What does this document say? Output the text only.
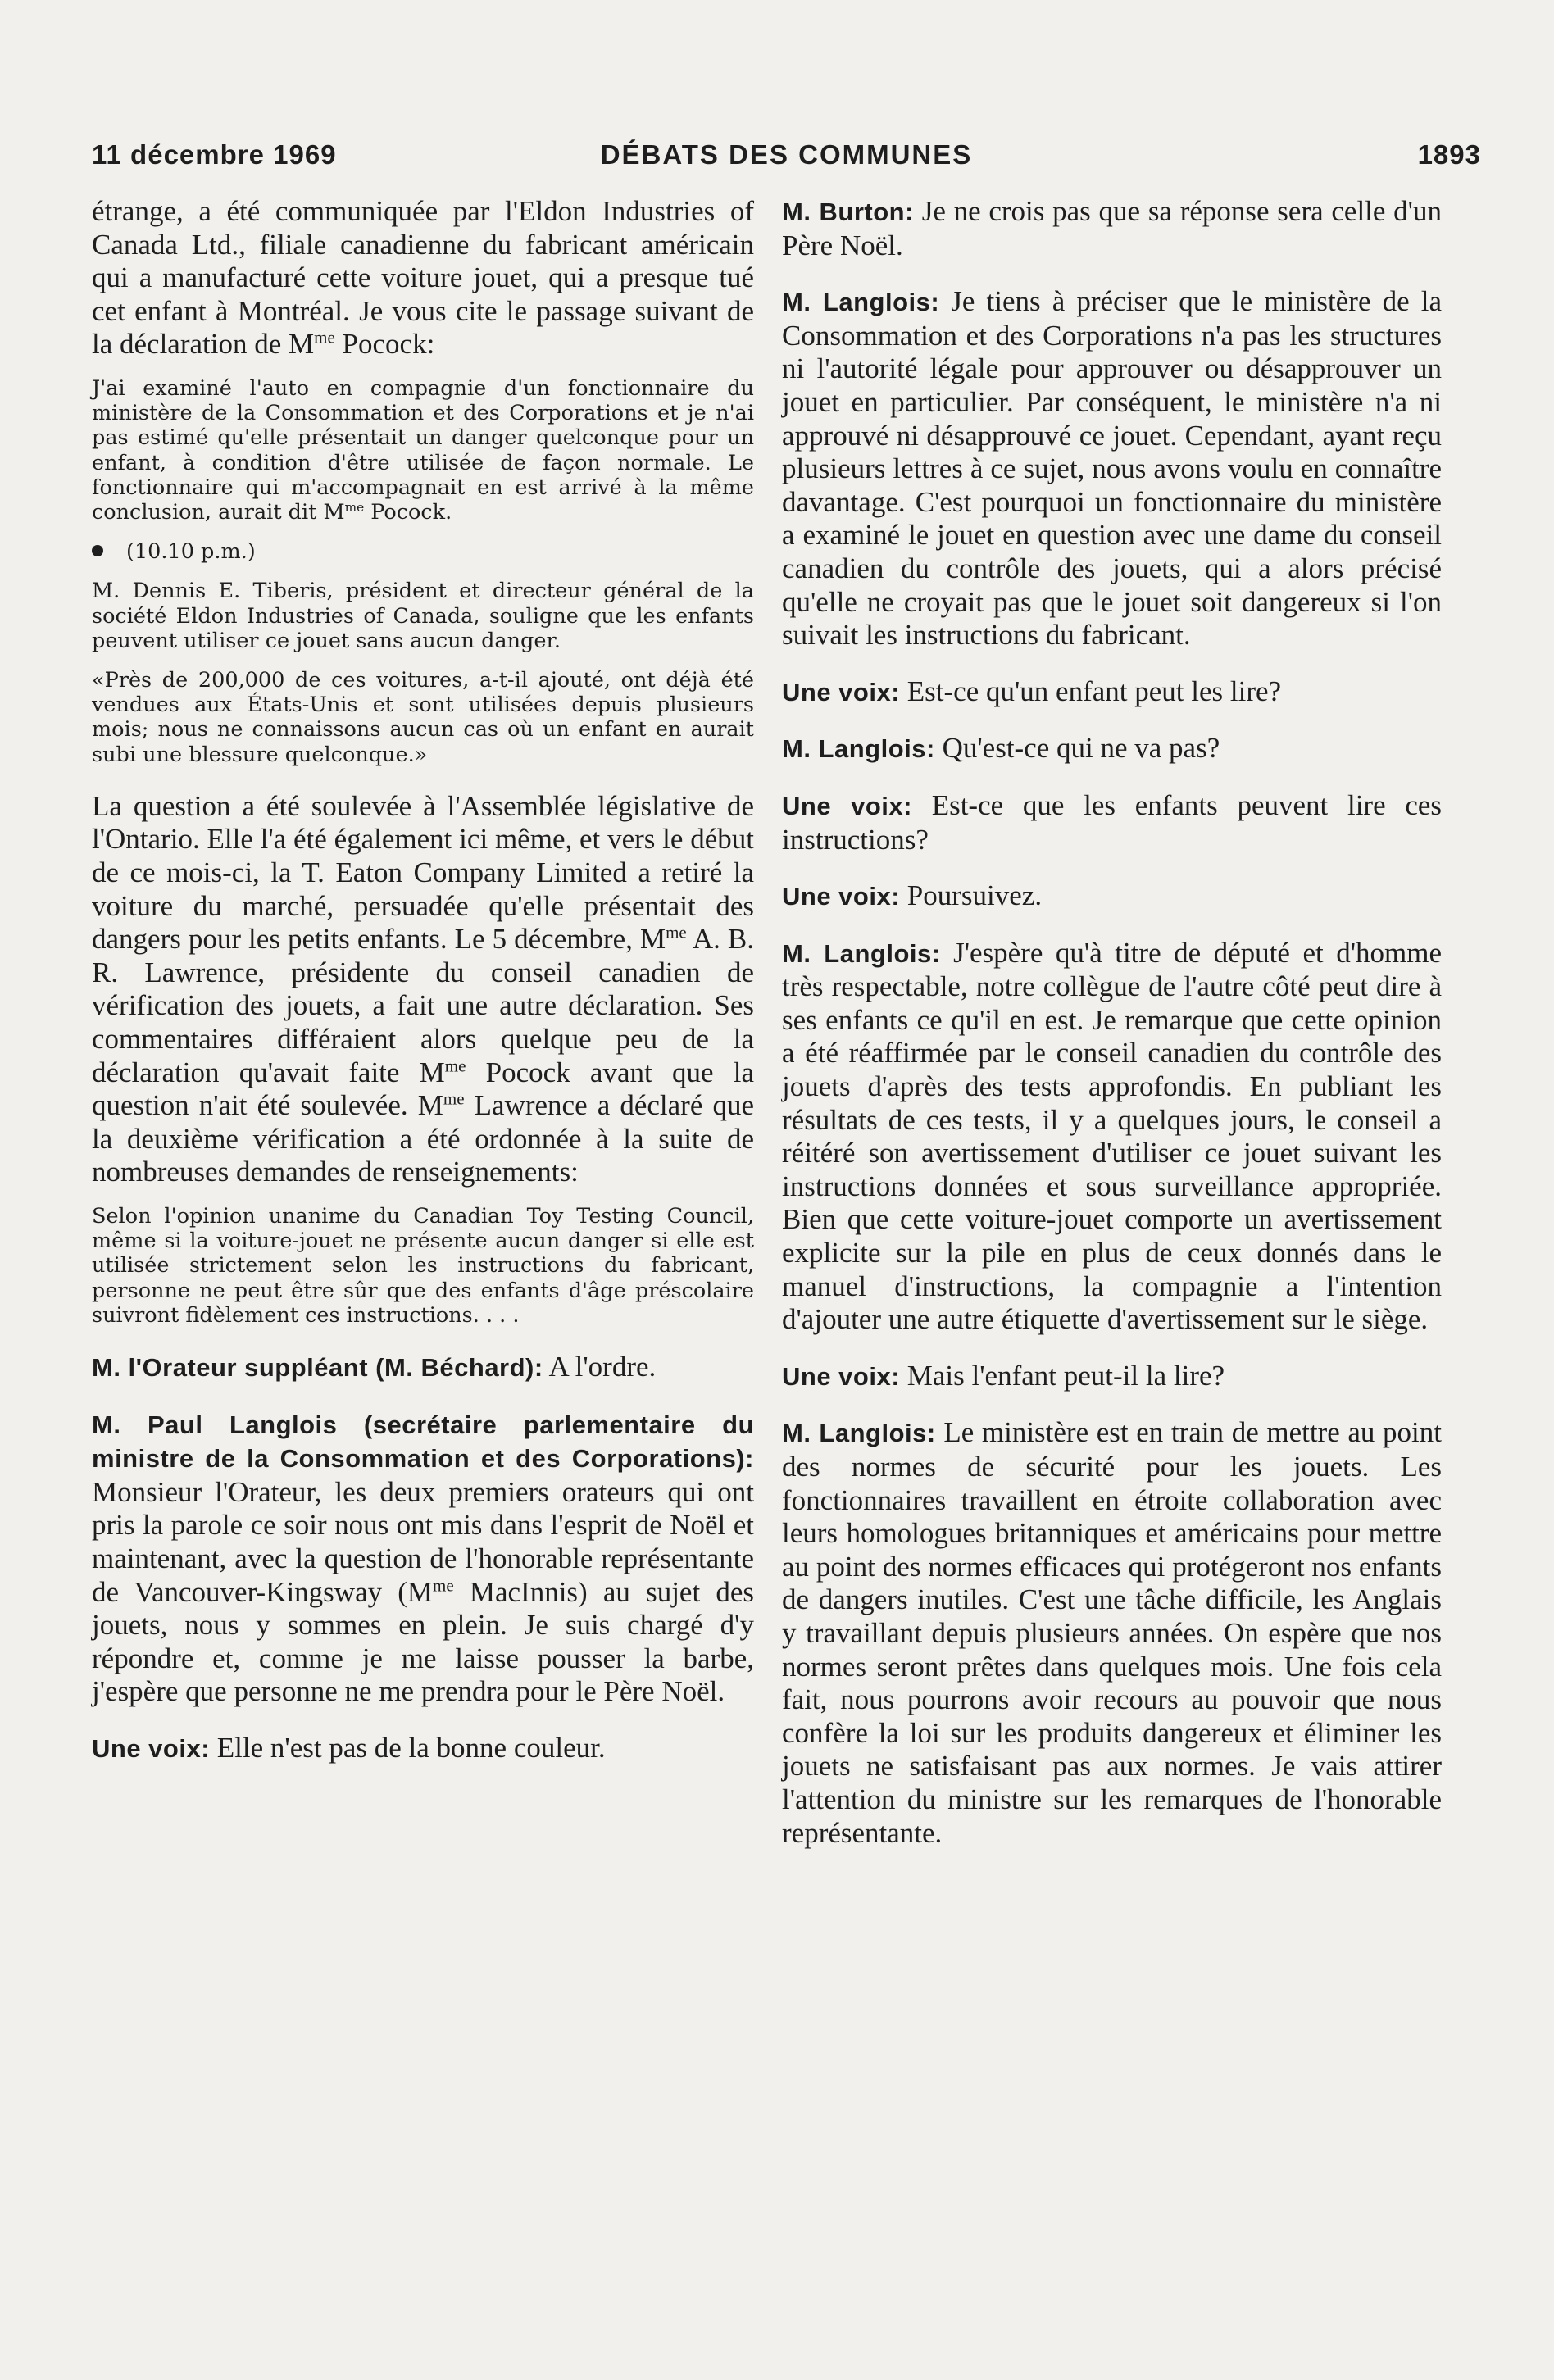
11 décembre 1969	DÉBATS DES COMMUNES	1893

étrange, a été communiquée par l'Eldon Industries of Canada Ltd., filiale canadienne du fabricant américain qui a manufacturé cette voiture jouet, qui a presque tué cet enfant à Montréal. Je vous cite le passage suivant de la déclaration de $M^{me}$ Pocock:

J'ai examiné l'auto en compagnie d'un fonctionnaire du ministère de la Consommation et des Corporations et je n'ai pas estimé qu'elle présentait un danger quelconque pour un enfant, à condition d'être utilisée de façon normale. Le fonctionnaire qui m'accompagnait en est arrivé à la même conclusion, aurait dit $M^{me}$ Pocock.

(10.10 p.m.)

M. Dennis E. Tiberis, président et directeur général de la société Eldon Industries of Canada, souligne que les enfants peuvent utiliser ce jouet sans aucun danger.

«Près de 200,000 de ces voitures, a-t-il ajouté, ont déjà été vendues aux États-Unis et sont utilisées depuis plusieurs mois; nous ne connaissons aucun cas où un enfant en aurait subi une blessure quelconque.»

La question a été soulevée à l'Assemblée législative de l'Ontario. Elle l'a été également ici même, et vers le début de ce mois-ci, la T. Eaton Company Limited a retiré la voiture du marché, persuadée qu'elle présentait des dangers pour les petits enfants. Le 5 décembre, $M^{me}$ A. B. R. Lawrence, présidente du conseil canadien de vérification des jouets, a fait une autre déclaration. Ses commentaires différaient alors quelque peu de la déclaration qu'avait faite $M^{me}$ Pocock avant que la question n'ait été soulevée. $M^{me}$ Lawrence a déclaré que la deuxième vérification a été ordonnée à la suite de nombreuses demandes de renseignements:

Selon l'opinion unanime du Canadian Toy Testing Council, même si la voiture-jouet ne présente aucun danger si elle est utilisée strictement selon les instructions du fabricant, personne ne peut être sûr que des enfants d'âge préscolaire suivront fidèlement ces instructions. . . .

M. l'Orateur suppléant (M. Béchard): A l'ordre.

M. Paul Langlois (secrétaire parlementaire du ministre de la Consommation et des Corporations): Monsieur l'Orateur, les deux premiers orateurs qui ont pris la parole ce soir nous ont mis dans l'esprit de Noël et maintenant, avec la question de l'honorable représentante de Vancouver-Kingsway ($M^{me}$ MacInnis) au sujet des jouets, nous y sommes en plein. Je suis chargé d'y répondre et, comme je me laisse pousser la barbe, j'espère que personne ne me prendra pour le Père Noël.

Une voix: Elle n'est pas de la bonne couleur.

M. Burton: Je ne crois pas que sa réponse sera celle d'un Père Noël.

M. Langlois: Je tiens à préciser que le ministère de la Consommation et des Corporations n'a pas les structures ni l'autorité légale pour approuver ou désapprouver un jouet en particulier. Par conséquent, le ministère n'a ni approuvé ni désapprouvé ce jouet. Cependant, ayant reçu plusieurs lettres à ce sujet, nous avons voulu en connaître davantage. C'est pourquoi un fonctionnaire du ministère a examiné le jouet en question avec une dame du conseil canadien du contrôle des jouets, qui a alors précisé qu'elle ne croyait pas que le jouet soit dangereux si l'on suivait les instructions du fabricant.

Une voix: Est-ce qu'un enfant peut les lire?

M. Langlois: Qu'est-ce qui ne va pas?

Une voix: Est-ce que les enfants peuvent lire ces instructions?

Une voix: Poursuivez.

M. Langlois: J'espère qu'à titre de député et d'homme très respectable, notre collègue de l'autre côté peut dire à ses enfants ce qu'il en est. Je remarque que cette opinion a été réaffirmée par le conseil canadien du contrôle des jouets d'après des tests approfondis. En publiant les résultats de ces tests, il y a quelques jours, le conseil a réitéré son avertissement d'utiliser ce jouet suivant les instructions données et sous surveillance appropriée. Bien que cette voiture-jouet comporte un avertissement explicite sur la pile en plus de ceux donnés dans le manuel d'instructions, la compagnie a l'intention d'ajouter une autre étiquette d'avertissement sur le siège.

Une voix: Mais l'enfant peut-il la lire?

M. Langlois: Le ministère est en train de mettre au point des normes de sécurité pour les jouets. Les fonctionnaires travaillent en étroite collaboration avec leurs homologues britanniques et américains pour mettre au point des normes efficaces qui protégeront nos enfants de dangers inutiles. C'est une tâche difficile, les Anglais y travaillant depuis plusieurs années. On espère que nos normes seront prêtes dans quelques mois. Une fois cela fait, nous pourrons avoir recours au pouvoir que nous confère la loi sur les produits dangereux et éliminer les jouets ne satisfaisant pas aux normes. Je vais attirer l'attention du ministre sur les remarques de l'honorable représentante.
